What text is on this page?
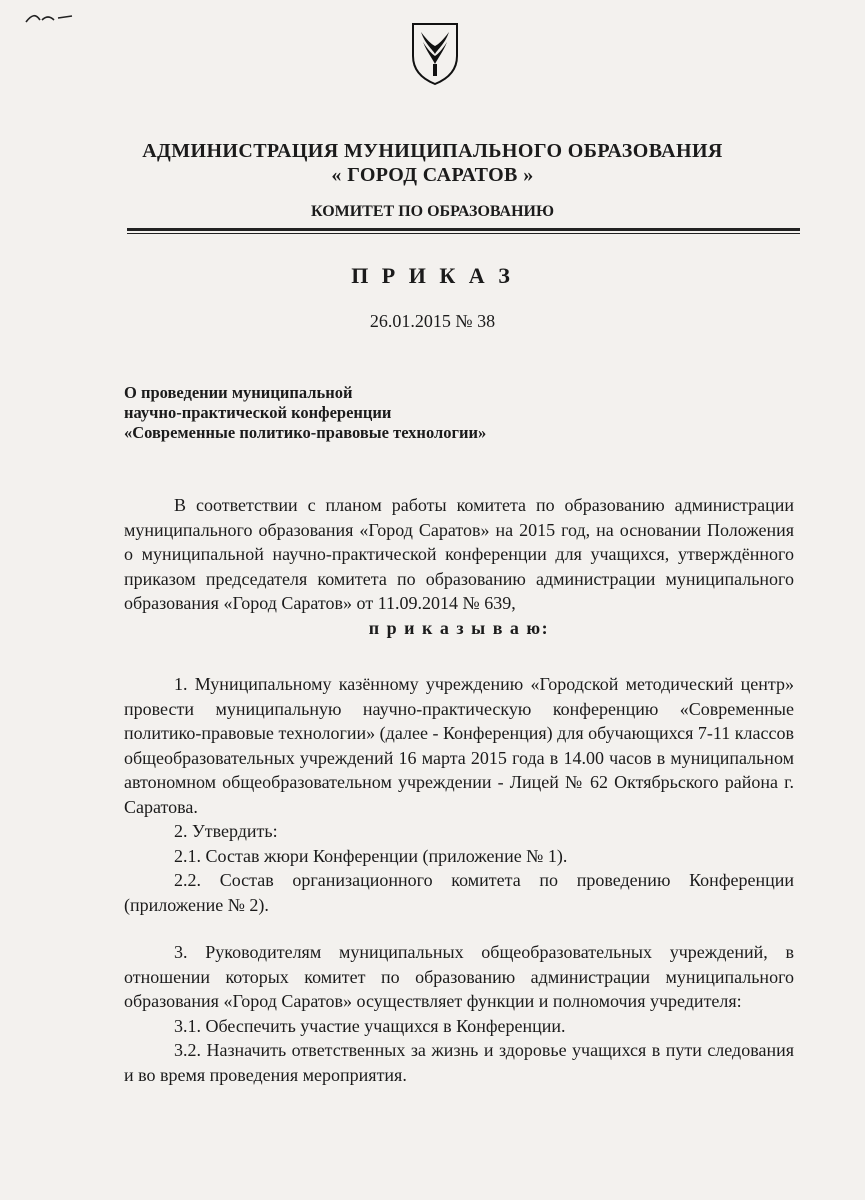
АДМИНИСТРАЦИЯ МУНИЦИПАЛЬНОГО ОБРАЗОВАНИЯ
« ГОРОД САРАТОВ »
КОМИТЕТ ПО ОБРАЗОВАНИЮ
П Р И К А З
26.01.2015 № 38
О проведении муниципальной
научно-практической конференции
«Современные политико-правовые технологии»

В соответствии с планом работы комитета по образованию администрации муниципального образования «Город Саратов» на 2015 год, на основании Положения о муниципальной научно-практической конференции для учащихся, утверждённого приказом председателя комитета по образованию администрации муниципального образования «Город Саратов» от 11.09.2014 № 639,

п р и к а з ы в а ю:

1. Муниципальному казённому учреждению «Городской методический центр» провести муниципальную научно-практическую конференцию «Современные политико-правовые технологии» (далее - Конференция) для обучающихся 7-11 классов общеобразовательных учреждений 16 марта 2015 года в 14.00 часов в муниципальном автономном общеобразовательном учреждении - Лицей № 62 Октябрьского района г. Саратова.

2. Утвердить:

2.1. Состав жюри Конференции (приложение № 1).

2.2. Состав организационного комитета по проведению Конференции (приложение № 2).

3. Руководителям муниципальных общеобразовательных учреждений, в отношении которых комитет по образованию администрации муниципального образования «Город Саратов» осуществляет функции и полномочия учредителя:

3.1. Обеспечить участие учащихся в Конференции.

3.2. Назначить ответственных за жизнь и здоровье учащихся в пути следования и во время проведения мероприятия.
